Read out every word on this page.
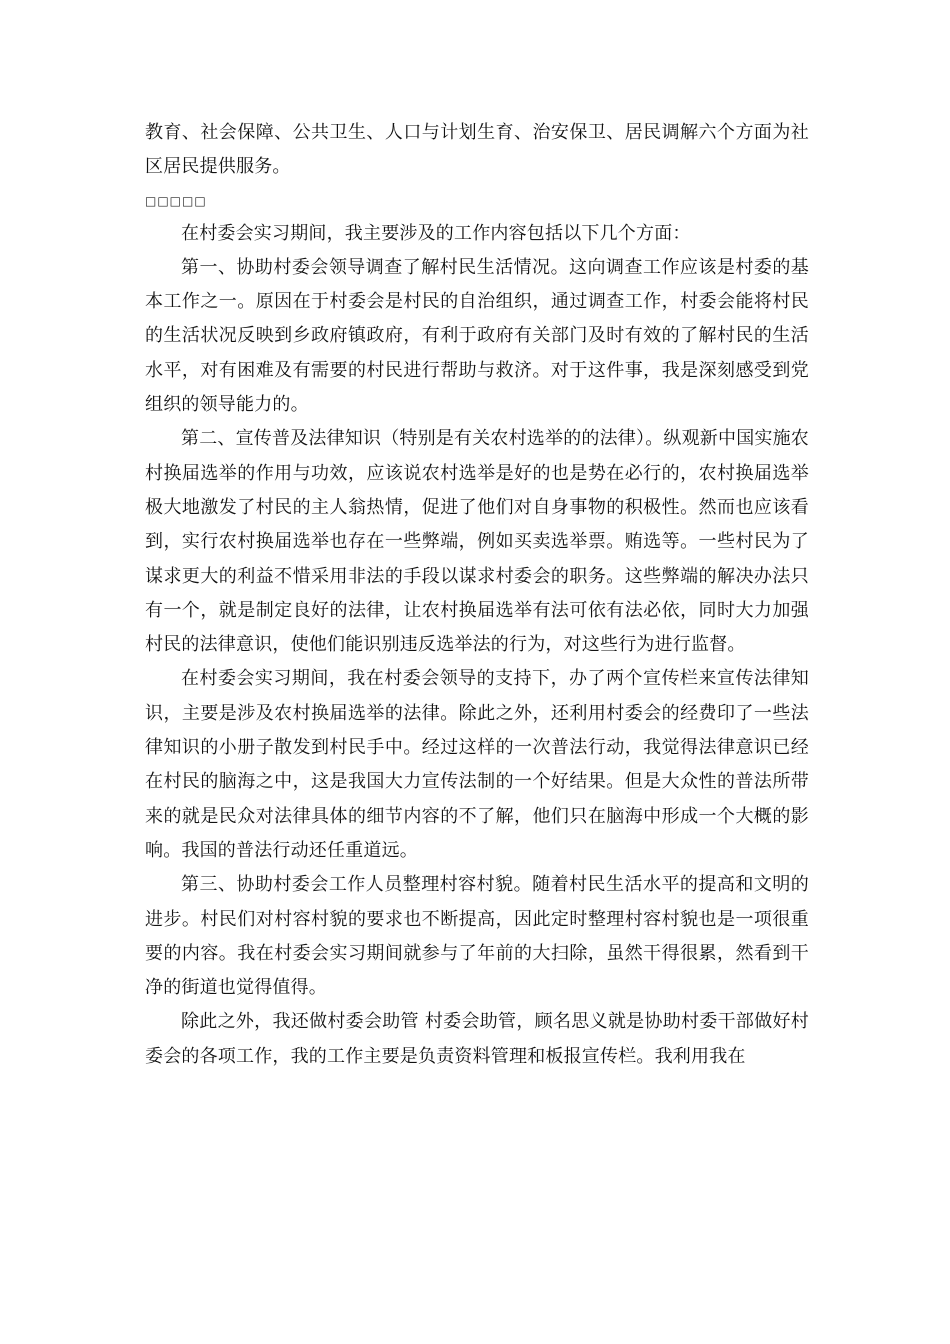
教育、社会保障、公共卫生、人口与计划生育、治安保卫、居民调解六个方面为社区居民提供服务。

□□□□□

在村委会实习期间，我主要涉及的工作内容包括以下几个方面：

第一、协助村委会领导调查了解村民生活情况。这向调查工作应该是村委的基本工作之一。原因在于村委会是村民的自治组织，通过调查工作，村委会能将村民的生活状况反映到乡政府镇政府，有利于政府有关部门及时有效的了解村民的生活水平，对有困难及有需要的村民进行帮助与救济。对于这件事，我是深刻感受到党组织的领导能力的。

第二、宣传普及法律知识（特别是有关农村选举的的法律）。纵观新中国实施农村换届选举的作用与功效，应该说农村选举是好的也是势在必行的，农村换届选举极大地激发了村民的主人翁热情，促进了他们对自身事物的积极性。然而也应该看到，实行农村换届选举也存在一些弊端，例如买卖选举票。贿选等。一些村民为了谋求更大的利益不惜采用非法的手段以谋求村委会的职务。这些弊端的解决办法只有一个，就是制定良好的法律，让农村换届选举有法可依有法必依，同时大力加强村民的法律意识，使他们能识别违反选举法的行为，对这些行为进行监督。

在村委会实习期间，我在村委会领导的支持下，办了两个宣传栏来宣传法律知识，主要是涉及农村换届选举的法律。除此之外，还利用村委会的经费印了一些法律知识的小册子散发到村民手中。经过这样的一次普法行动，我觉得法律意识已经在村民的脑海之中，这是我国大力宣传法制的一个好结果。但是大众性的普法所带来的就是民众对法律具体的细节内容的不了解，他们只在脑海中形成一个大概的影响。我国的普法行动还任重道远。

第三、协助村委会工作人员整理村容村貌。随着村民生活水平的提高和文明的进步。村民们对村容村貌的要求也不断提高，因此定时整理村容村貌也是一项很重要的内容。我在村委会实习期间就参与了年前的大扫除，虽然干得很累，然看到干净的街道也觉得值得。

除此之外，我还做村委会助管 村委会助管，顾名思义就是协助村委干部做好村委会的各项工作，我的工作主要是负责资料管理和板报宣传栏。我利用我在
